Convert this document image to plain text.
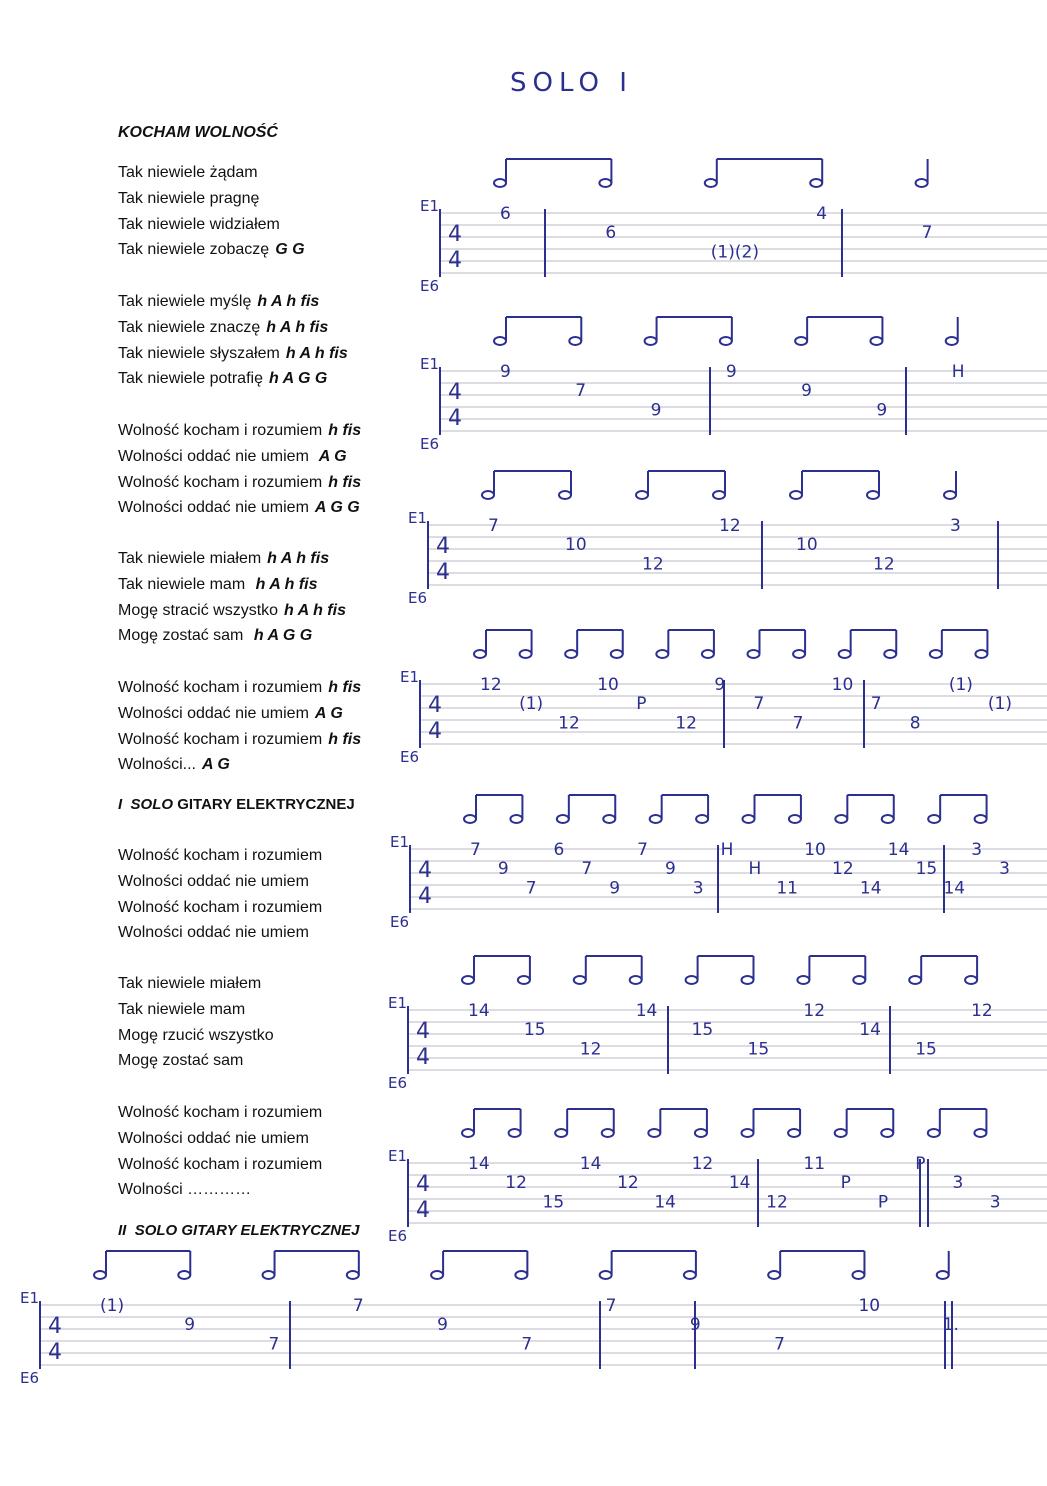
SOLO I
KOCHAM WOLNOŚĆ
Tak niewiele żądam
Tak niewiele pragnę
Tak niewiele widziałem
Tak niewiele zobaczę G G
Tak niewiele myślę h A h fis
Tak niewiele znaczę h A h fis
Tak niewiele słyszałem h A h fis
Tak niewiele potrafię h A G G
Wolność kocham i rozumiem h fis
Wolności oddać nie umiem A G
Wolność kocham i rozumiem h fis
Wolności oddać nie umiem A G G
Tak niewiele miałem h A h fis
Tak niewiele mam h A h fis
Mogę stracić wszystko h A h fis
Mogę zostać sam h A G G
Wolność kocham i rozumiem h fis
Wolności oddać nie umiem A G
Wolność kocham i rozumiem h fis
Wolności... A G
I SOLO GITARY ELEKTRYCZNEJ
Wolność kocham i rozumiem
Wolności oddać nie umiem
Wolność kocham i rozumiem
Wolności oddać nie umiem
Tak niewiele miałem
Tak niewiele mam
Mogę rzucić wszystko
Mogę zostać sam
Wolność kocham i rozumiem
Wolności oddać nie umiem
Wolność kocham i rozumiem
Wolności …………
II SOLO GITARY ELEKTRYCZNEJ
E1
E6
4
4
6
6
(1)(2)
4
7
E1
E6
4
4
9
7
9
9
9
9
H
E1
E6
4
4
7
10
12
12
10
12
3
E1
E6
4
4
12
(1)
12
10
P
12
9
7
7
10
7
8
(1)
(1)
E1
E6
4
4
7
9
7
6
7
9
7
9
3
H
H
11
10
12
14
14
15
14
3
3
E1
E6
4
4
14
15
12
14
15
15
12
14
15
12
E1
E6
4
4
14
12
15
14
12
14
12
14
12
11
P
P
P
3
3
E1
E6
4
4
(1)
9
7
7
9
7
7
9
7
10
1.
